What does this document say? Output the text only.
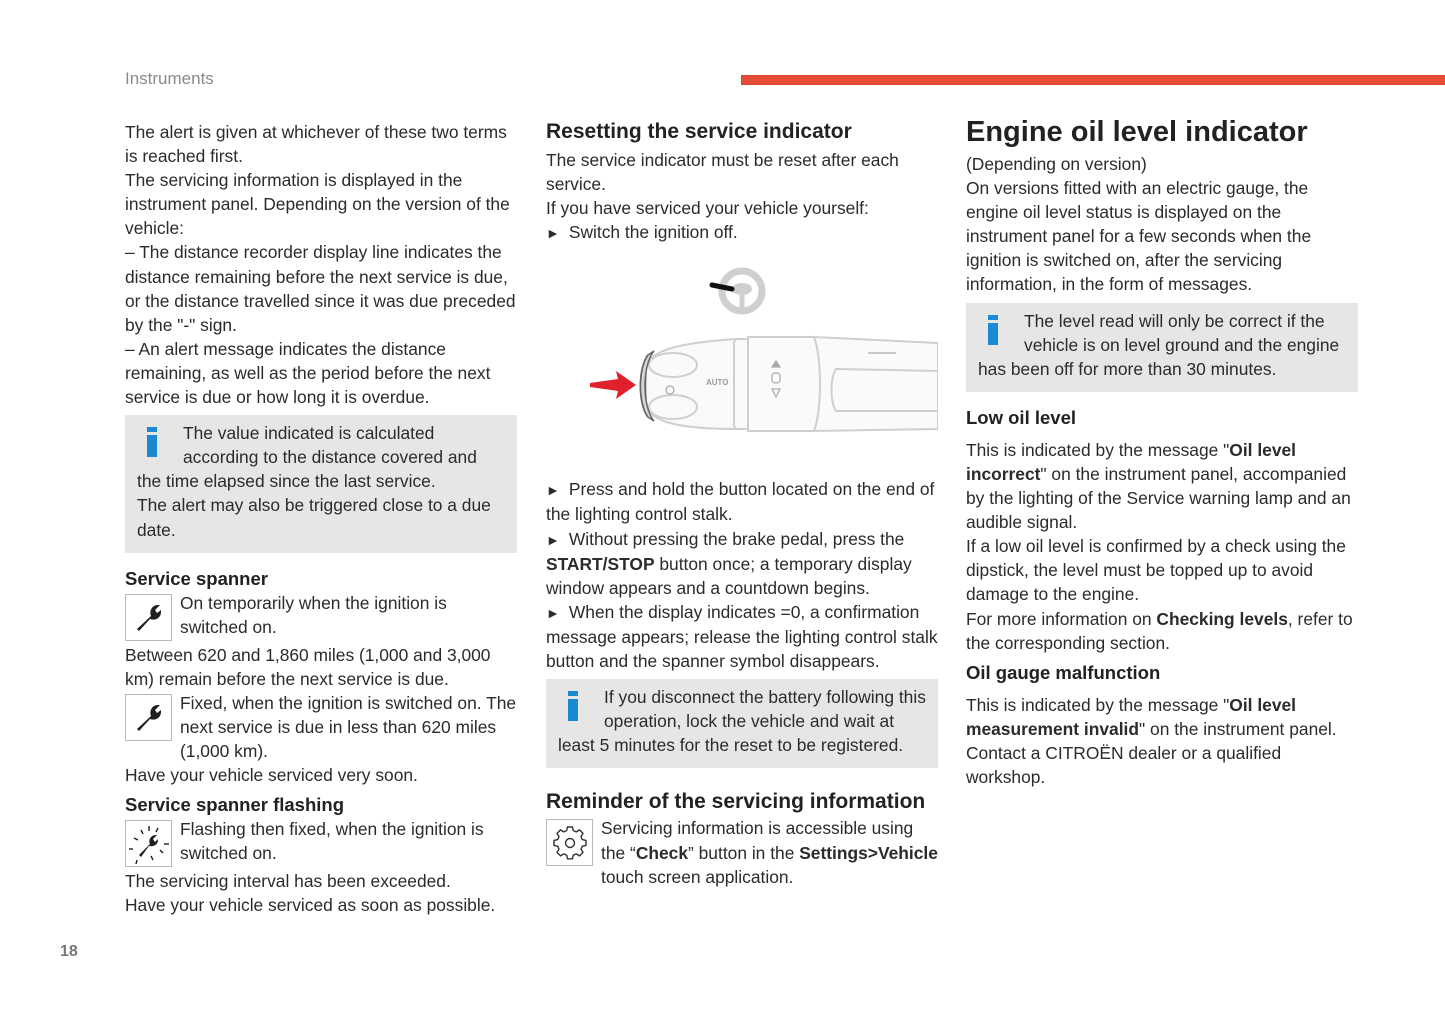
Instruments

The alert is given at whichever of these two terms is reached first.

The servicing information is displayed in the instrument panel. Depending on the version of the vehicle:

– The distance recorder display line indicates the distance remaining before the next service is due, or the distance travelled since it was due preceded by the "-" sign.

– An alert message indicates the distance remaining, as well as the period before the next service is due or how long it is overdue.

The value indicated is calculated according to the distance covered and the time elapsed since the last service.

The alert may also be triggered close to a due date.

Service spanner

On temporarily when the ignition is switched on.

Between 620 and 1,860 miles (1,000 and 3,000 km) remain before the next service is due.

Fixed, when the ignition is switched on. The next service is due in less than 620 miles (1,000 km).

Have your vehicle serviced very soon.

Service spanner flashing

Flashing then fixed, when the ignition is switched on.

The servicing interval has been exceeded.

Have your vehicle serviced as soon as possible.

Resetting the service indicator

The service indicator must be reset after each service.

If you have serviced your vehicle yourself:

► Switch the ignition off.

AUTO

► Press and hold the button located on the end of the lighting control stalk.

► Without pressing the brake pedal, press the START/STOP button once; a temporary display window appears and a countdown begins.

► When the display indicates =0, a confirmation message appears; release the lighting control stalk button and the spanner symbol disappears.

If you disconnect the battery following this operation, lock the vehicle and wait at least 5 minutes for the reset to be registered.

Reminder of the servicing information

Servicing information is accessible using the “Check” button in the Settings>Vehicle touch screen application.

Engine oil level indicator

(Depending on version)

On versions fitted with an electric gauge, the engine oil level status is displayed on the instrument panel for a few seconds when the ignition is switched on, after the servicing information, in the form of messages.

The level read will only be correct if the vehicle is on level ground and the engine has been off for more than 30 minutes.

Low oil level

This is indicated by the message "Oil level incorrect" on the instrument panel, accompanied by the lighting of the Service warning lamp and an audible signal.

If a low oil level is confirmed by a check using the dipstick, the level must be topped up to avoid damage to the engine.

For more information on Checking levels, refer to the corresponding section.

Oil gauge malfunction

This is indicated by the message "Oil level measurement invalid" on the instrument panel.

Contact a CITROËN dealer or a qualified workshop.

18
